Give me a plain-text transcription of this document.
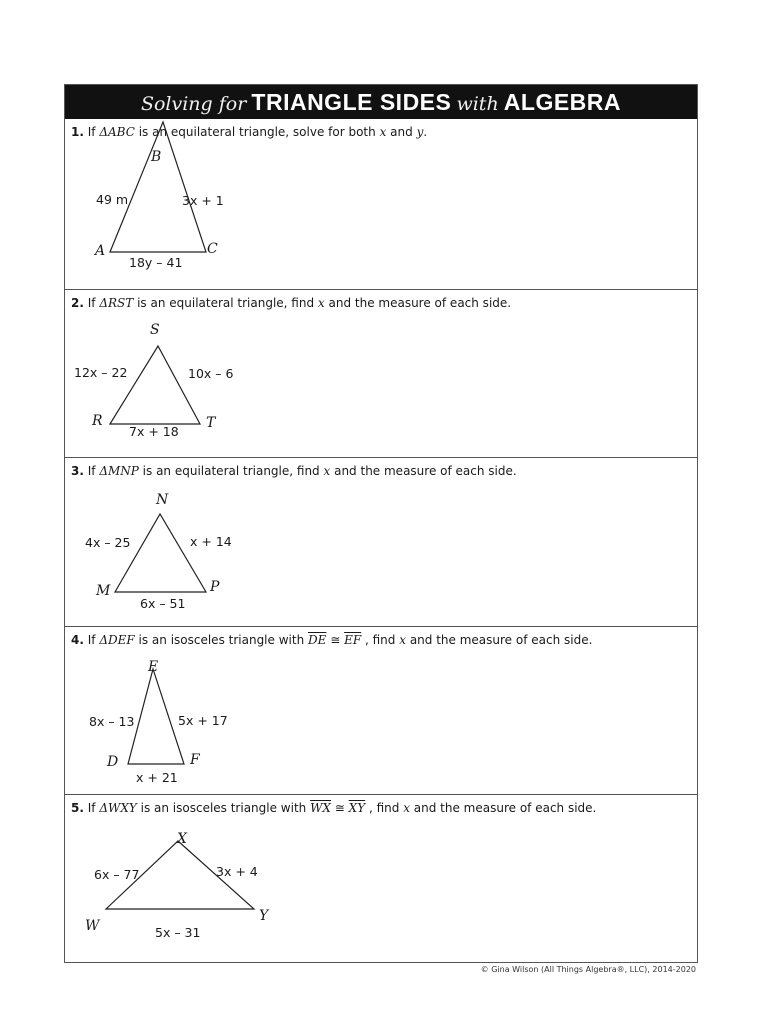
Solving for TRIANGLE SIDES with ALGEBRA
1. If ΔABC is an equilateral triangle, solve for both x and y.
B
A	C
49 m	3x + 1
18y – 41
2. If ΔRST is an equilateral triangle, find x and the measure of each side.
S
R	T
12x – 22	10x – 6
7x + 18
3. If ΔMNP is an equilateral triangle, find x and the measure of each side.
N
M	P
4x – 25	x + 14
6x – 51
4. If ΔDEF is an isosceles triangle with $\overline{DE}$ ≅ $\overline{EF}$ , find x and the measure of each side.
E
D	F
8x – 13	5x + 17
x + 21
5. If ΔWXY is an isosceles triangle with $\overline{WX}$ ≅ $\overline{XY}$ , find x and the measure of each side.
X
W
Y
6x – 77	3x + 4
5x – 31
© Gina Wilson (All Things Algebra®, LLC), 2014-2020
